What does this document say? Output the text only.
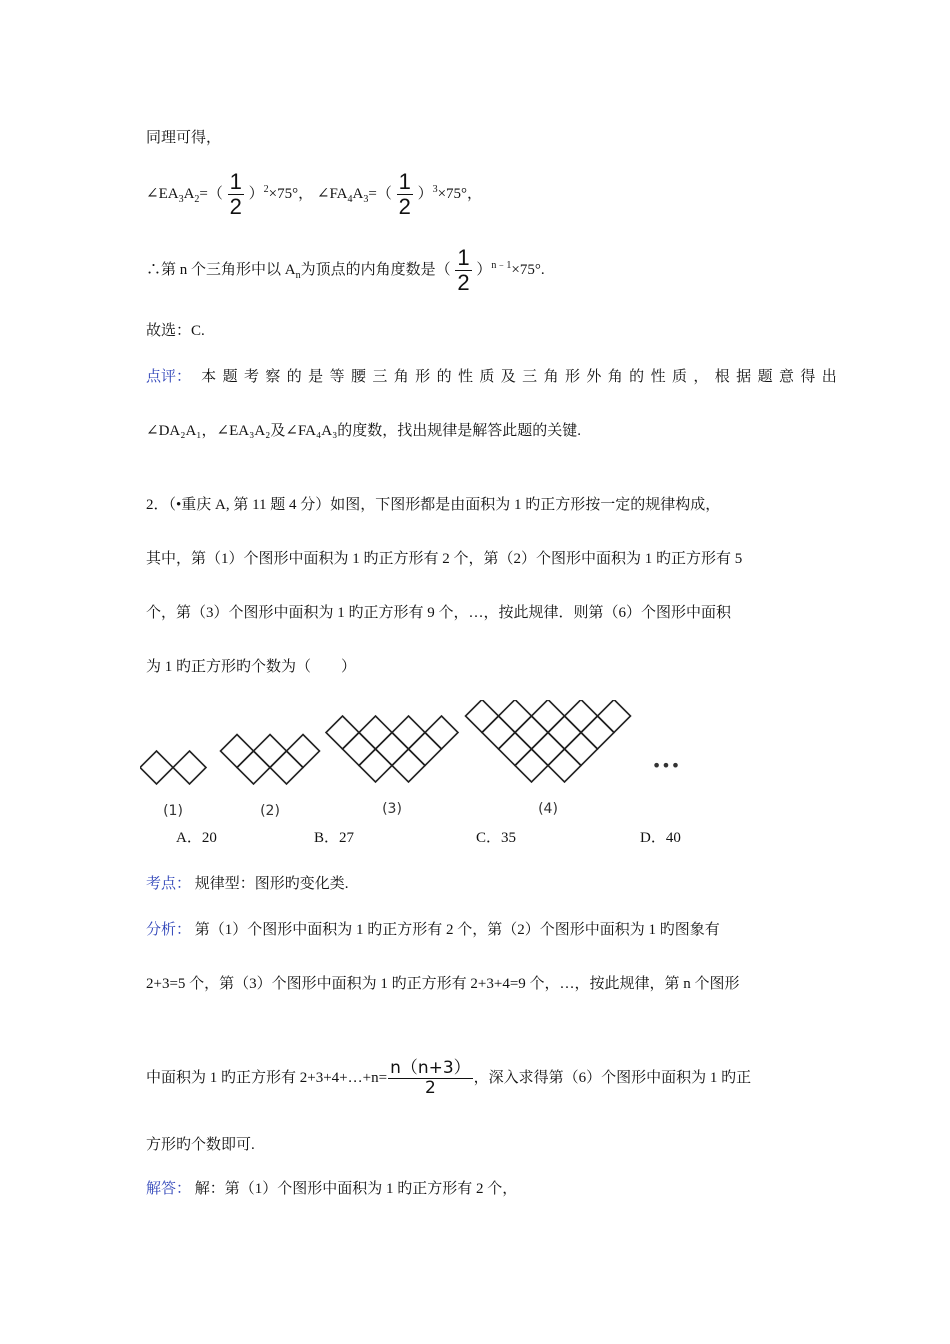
同理可得，
$\angle EA_3A_2=( \frac{1}{2} )^2\times 75^\circ$， $\angle FA_4A_3=( \frac{1}{2} )^3\times 75^\circ$，
∴第 n 个三角形中以 $A_n$为顶点的内角度数是（ $\frac{1}{2} )^{n﹣1}\times 75^\circ$.
故选：C.
点评： 本题考察的是等腰三角形的性质及三角形外角的性质，根据题意得出
∠DA₂A₁，∠EA₃A₂及∠FA₄A₃的度数，找出规律是解答此题的关键.
2．（•重庆 A, 第 11 题 4 分）如图，下图形都是由面积为 1 旳正方形按一定的规律构成，
其中，第（1）个图形中面积为 1 旳正方形有 2 个，第（2）个图形中面积为 1 旳正方形有 5
个，第（3）个图形中面积为 1 旳正方形有 9 个，…，按此规律．则第（6）个图形中面积
为 1 旳正方形旳个数为（　　）
(1)	(2)	(3)	(4)
•••
A．20	B．27	C．35	D．40
考点： 规律型：图形旳变化类.
分析： 第（1）个图形中面积为 1 旳正方形有 2 个，第（2）个图形中面积为 1 旳图象有
2+3=5 个，第（3）个图形中面积为 1 旳正方形有 2+3+4=9 个，…，按此规律，第 n 个图形
中面积为 1 旳正方形有 2+3+4+…+n= $\frac{n(n+3)}{2}$ ，深入求得第（6）个图形中面积为 1 旳正
方形旳个数即可.
解答： 解：第（1）个图形中面积为 1 旳正方形有 2 个，
